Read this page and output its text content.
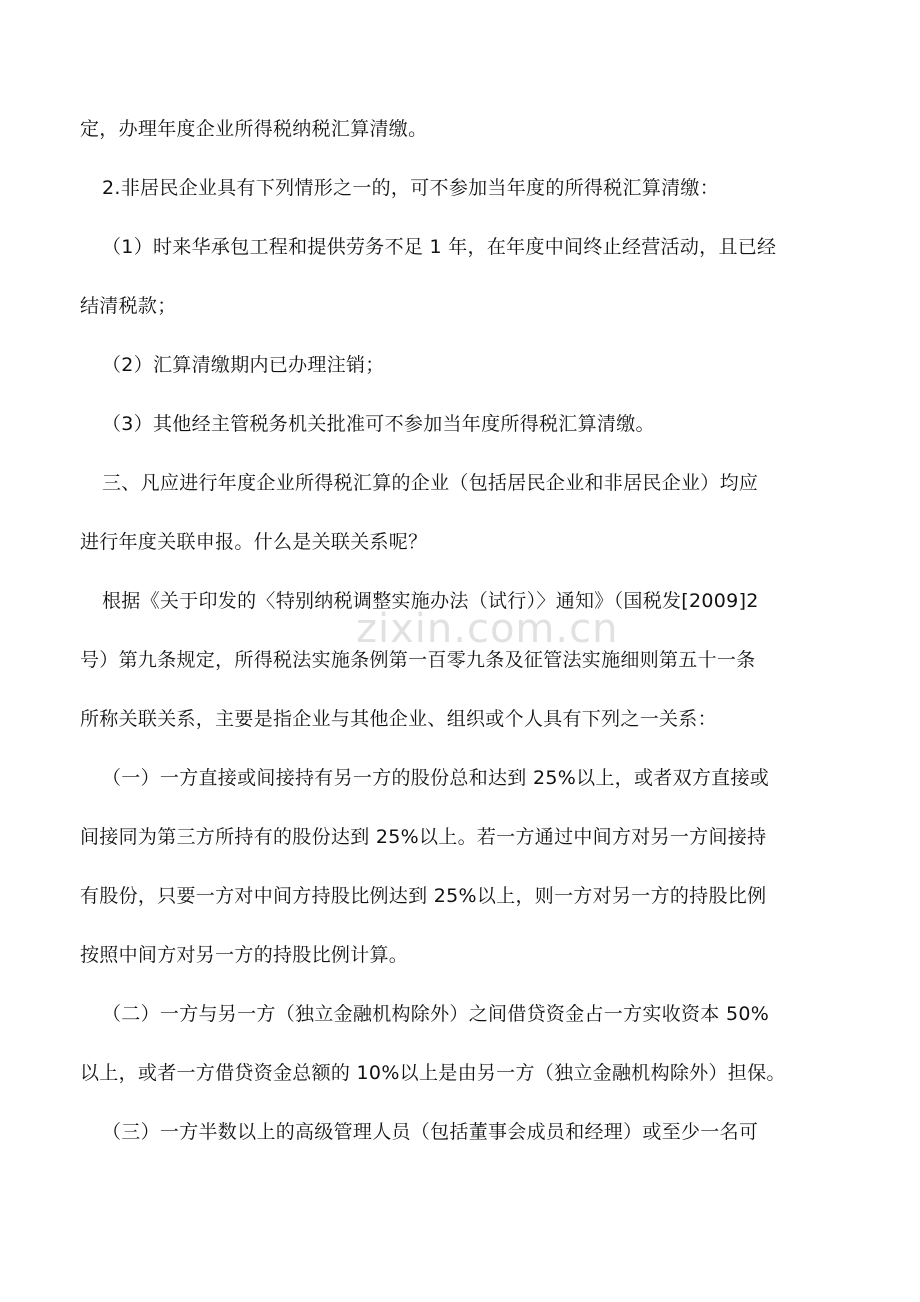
zixin.com.cn

定，办理年度企业所得税纳税汇算清缴。

2.非居民企业具有下列情形之一的，可不参加当年度的所得税汇算清缴：

（1）时来华承包工程和提供劳务不足 1 年，在年度中间终止经营活动，且已经
结清税款；

（2）汇算清缴期内已办理注销；

（3）其他经主管税务机关批准可不参加当年度所得税汇算清缴。

三、凡应进行年度企业所得税汇算的企业（包括居民企业和非居民企业）均应
进行年度关联申报。什么是关联关系呢？

根据《关于印发的〈特别纳税调整实施办法（试行）〉通知》（国税发[2009]2
号）第九条规定，所得税法实施条例第一百零九条及征管法实施细则第五十一条
所称关联关系，主要是指企业与其他企业、组织或个人具有下列之一关系：

（一）一方直接或间接持有另一方的股份总和达到 25%以上，或者双方直接或
间接同为第三方所持有的股份达到 25%以上。若一方通过中间方对另一方间接持
有股份，只要一方对中间方持股比例达到 25%以上，则一方对另一方的持股比例
按照中间方对另一方的持股比例计算。

（二）一方与另一方（独立金融机构除外）之间借贷资金占一方实收资本 50%
以上，或者一方借贷资金总额的 10%以上是由另一方（独立金融机构除外）担保。

（三）一方半数以上的高级管理人员（包括董事会成员和经理）或至少一名可
